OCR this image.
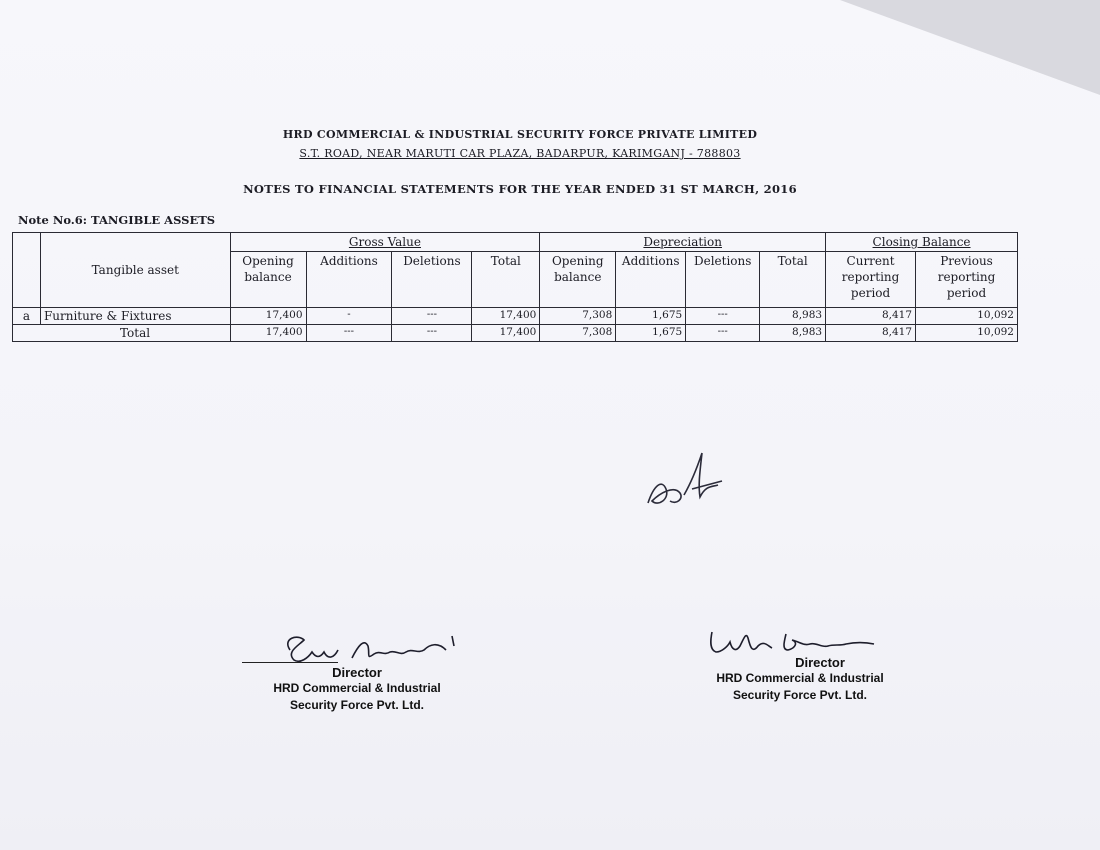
HRD COMMERCIAL & INDUSTRIAL SECURITY FORCE PRIVATE LIMITED
S.T. ROAD, NEAR MARUTI CAR PLAZA, BADARPUR, KARIMGANJ - 788803
NOTES TO FINANCIAL STATEMENTS FOR THE YEAR ENDED 31 ST MARCH, 2016
Note No.6: TANGIBLE ASSETS
	Tangible asset	Gross Value				Depreciation				Closing Balance	
		Opening balance	Additions	Deletions	Total	Opening balance	Additions	Deletions	Total	Current reporting period	Previous reporting period
a	Furniture & Fixtures	17,400	-	---	17,400	7,308	1,675	---	8,983	8,417	10,092
	Total	17,400	---	---	17,400	7,308	1,675	---	8,983	8,417	10,092
Director
HRD Commercial & Industrial
Security Force Pvt. Ltd.
Director
HRD Commercial & Industrial
Security Force Pvt. Ltd.
